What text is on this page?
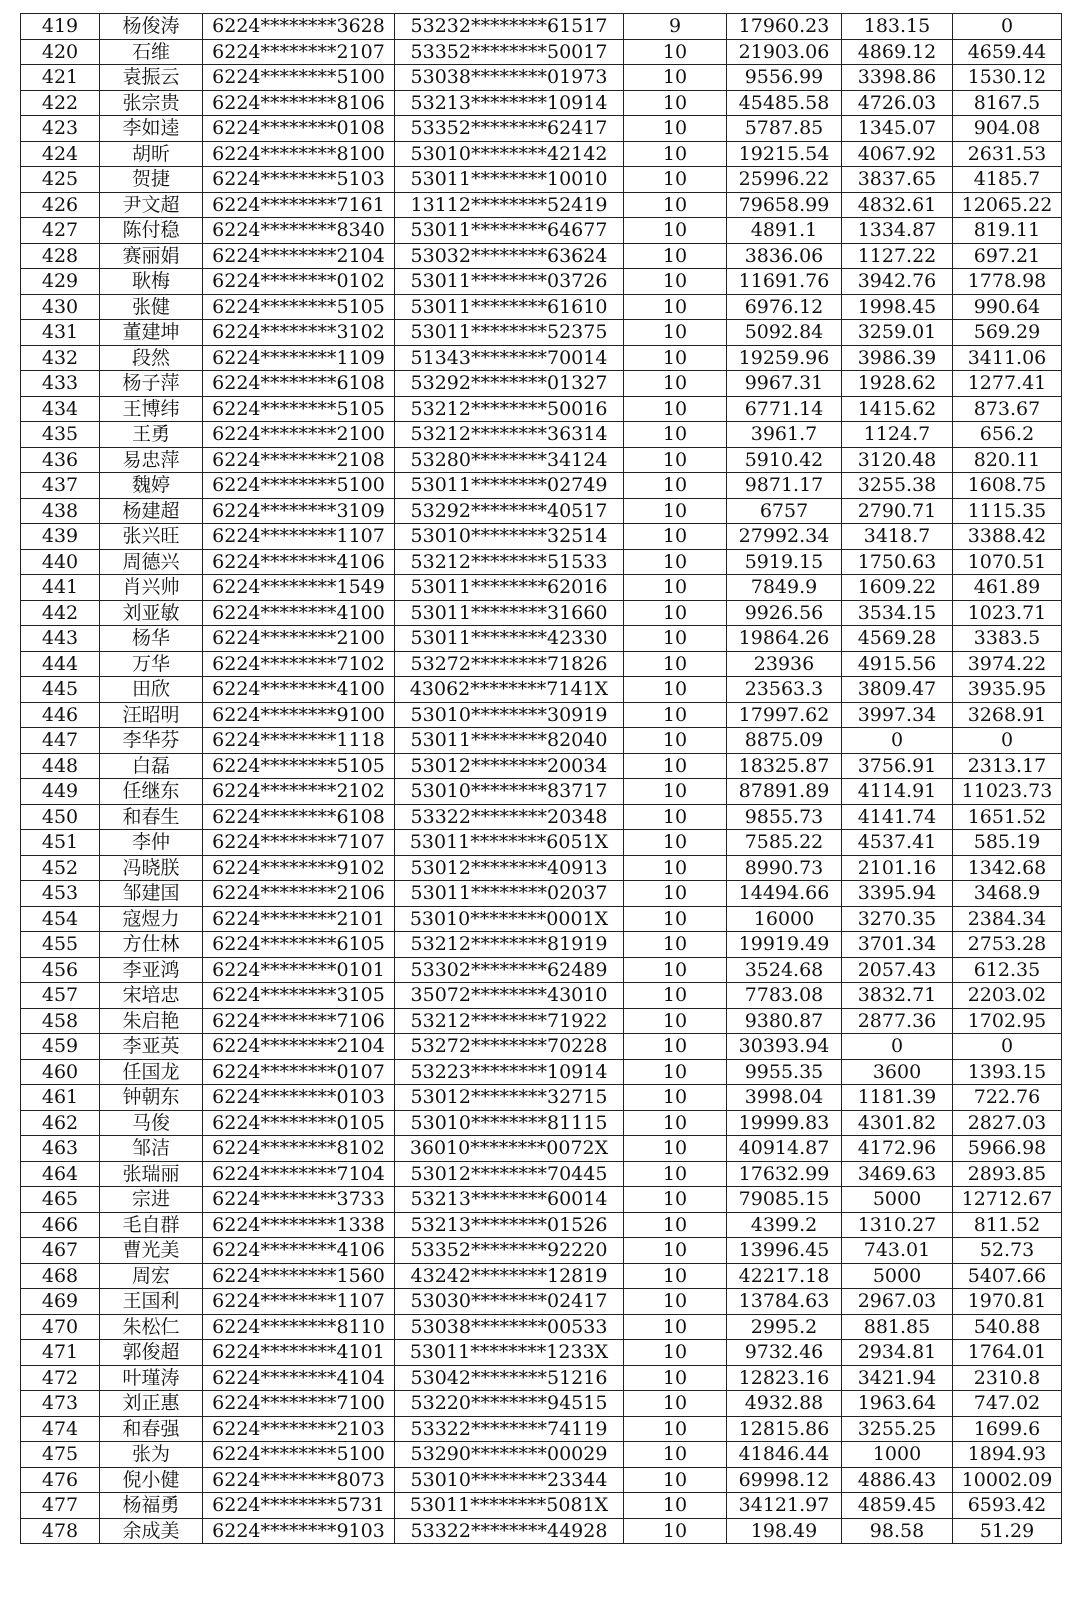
419	杨俊涛	6224********3628	53232********61517	9	17960.23	183.15	0
420	石维	6224********2107	53352********50017	10	21903.06	4869.12	4659.44
421	袁振云	6224********5100	53038********01973	10	9556.99	3398.86	1530.12
422	张宗贵	6224********8106	53213********10914	10	45485.58	4726.03	8167.5
423	李如逵	6224********0108	53352********62417	10	5787.85	1345.07	904.08
424	胡昕	6224********8100	53010********42142	10	19215.54	4067.92	2631.53
425	贺捷	6224********5103	53011********10010	10	25996.22	3837.65	4185.7
426	尹文超	6224********7161	13112********52419	10	79658.99	4832.61	12065.22
427	陈付稳	6224********8340	53011********64677	10	4891.1	1334.87	819.11
428	赛丽娟	6224********2104	53032********63624	10	3836.06	1127.22	697.21
429	耿梅	6224********0102	53011********03726	10	11691.76	3942.76	1778.98
430	张健	6224********5105	53011********61610	10	6976.12	1998.45	990.64
431	董建坤	6224********3102	53011********52375	10	5092.84	3259.01	569.29
432	段然	6224********1109	51343********70014	10	19259.96	3986.39	3411.06
433	杨子萍	6224********6108	53292********01327	10	9967.31	1928.62	1277.41
434	王博纬	6224********5105	53212********50016	10	6771.14	1415.62	873.67
435	王勇	6224********2100	53212********36314	10	3961.7	1124.7	656.2
436	易忠萍	6224********2108	53280********34124	10	5910.42	3120.48	820.11
437	魏婷	6224********5100	53011********02749	10	9871.17	3255.38	1608.75
438	杨建超	6224********3109	53292********40517	10	6757	2790.71	1115.35
439	张兴旺	6224********1107	53010********32514	10	27992.34	3418.7	3388.42
440	周德兴	6224********4106	53212********51533	10	5919.15	1750.63	1070.51
441	肖兴帅	6224********1549	53011********62016	10	7849.9	1609.22	461.89
442	刘亚敏	6224********4100	53011********31660	10	9926.56	3534.15	1023.71
443	杨华	6224********2100	53011********42330	10	19864.26	4569.28	3383.5
444	万华	6224********7102	53272********71826	10	23936	4915.56	3974.22
445	田欣	6224********4100	43062********7141X	10	23563.3	3809.47	3935.95
446	汪昭明	6224********9100	53010********30919	10	17997.62	3997.34	3268.91
447	李华芬	6224********1118	53011********82040	10	8875.09	0	0
448	白磊	6224********5105	53012********20034	10	18325.87	3756.91	2313.17
449	任继东	6224********2102	53010********83717	10	87891.89	4114.91	11023.73
450	和春生	6224********6108	53322********20348	10	9855.73	4141.74	1651.52
451	李仲	6224********7107	53011********6051X	10	7585.22	4537.41	585.19
452	冯晓朕	6224********9102	53012********40913	10	8990.73	2101.16	1342.68
453	邹建国	6224********2106	53011********02037	10	14494.66	3395.94	3468.9
454	寇煜力	6224********2101	53010********0001X	10	16000	3270.35	2384.34
455	方仕林	6224********6105	53212********81919	10	19919.49	3701.34	2753.28
456	李亚鸿	6224********0101	53302********62489	10	3524.68	2057.43	612.35
457	宋培忠	6224********3105	35072********43010	10	7783.08	3832.71	2203.02
458	朱启艳	6224********7106	53212********71922	10	9380.87	2877.36	1702.95
459	李亚英	6224********2104	53272********70228	10	30393.94	0	0
460	任国龙	6224********0107	53223********10914	10	9955.35	3600	1393.15
461	钟朝东	6224********0103	53012********32715	10	3998.04	1181.39	722.76
462	马俊	6224********0105	53010********81115	10	19999.83	4301.82	2827.03
463	邹洁	6224********8102	36010********0072X	10	40914.87	4172.96	5966.98
464	张瑞丽	6224********7104	53012********70445	10	17632.99	3469.63	2893.85
465	宗进	6224********3733	53213********60014	10	79085.15	5000	12712.67
466	毛自群	6224********1338	53213********01526	10	4399.2	1310.27	811.52
467	曹光美	6224********4106	53352********92220	10	13996.45	743.01	52.73
468	周宏	6224********1560	43242********12819	10	42217.18	5000	5407.66
469	王国利	6224********1107	53030********02417	10	13784.63	2967.03	1970.81
470	朱松仁	6224********8110	53038********00533	10	2995.2	881.85	540.88
471	郭俊超	6224********4101	53011********1233X	10	9732.46	2934.81	1764.01
472	叶瑾涛	6224********4104	53042********51216	10	12823.16	3421.94	2310.8
473	刘正惠	6224********7100	53220********94515	10	4932.88	1963.64	747.02
474	和春强	6224********2103	53322********74119	10	12815.86	3255.25	1699.6
475	张为	6224********5100	53290********00029	10	41846.44	1000	1894.93
476	倪小健	6224********8073	53010********23344	10	69998.12	4886.43	10002.09
477	杨福勇	6224********5731	53011********5081X	10	34121.97	4859.45	6593.42
478	余成美	6224********9103	53322********44928	10	198.49	98.58	51.29
